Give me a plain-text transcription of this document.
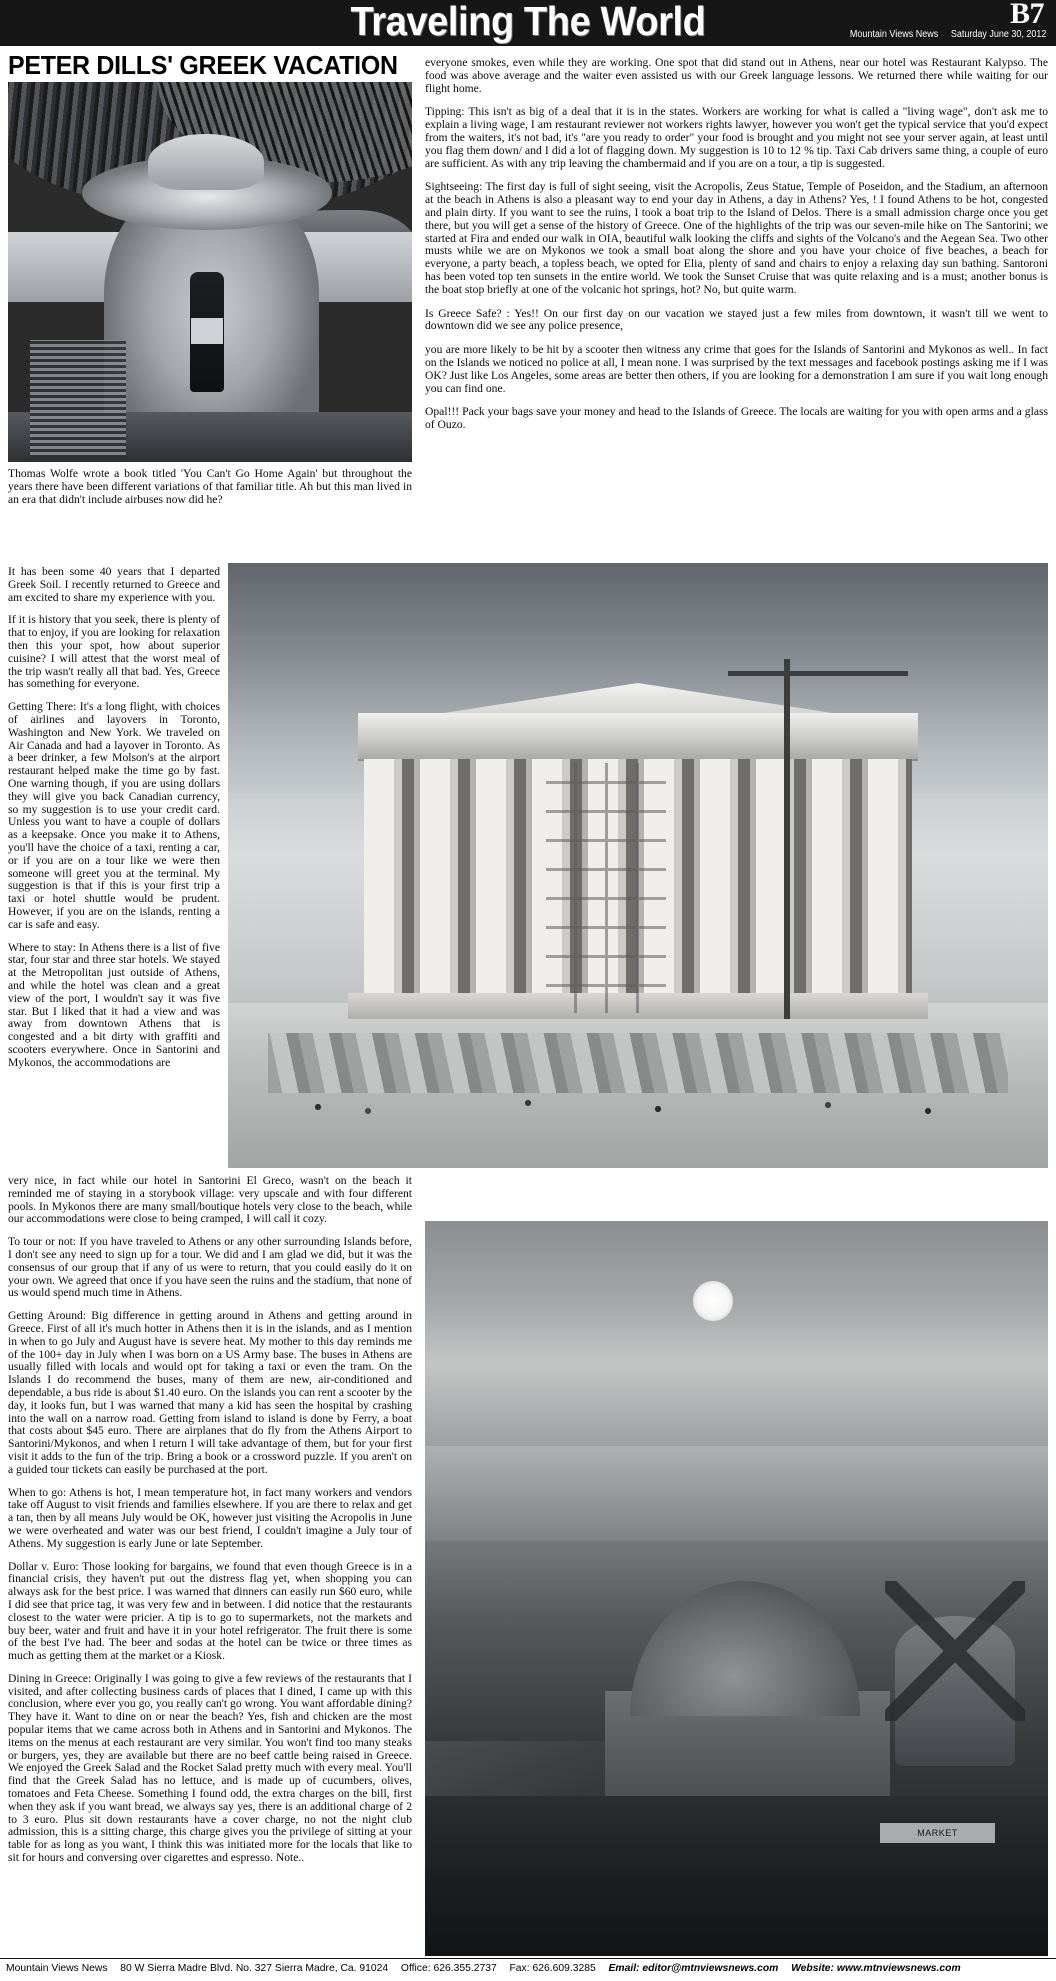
Traveling The World	B7
Mountain Views News Saturday June 30, 2012
PETER DILLS' GREEK VACATION
MARKET

everyone smokes, even while they are working. One spot that did stand out in Athens, near our hotel was Restaurant Kalypso. The food was above average and the waiter even assisted us with our Greek language lessons. We returned there while waiting for our flight home.

Tipping: This isn't as big of a deal that it is in the states. Workers are working for what is called a "living wage", don't ask me to explain a living wage, I am restaurant reviewer not workers rights lawyer, however you won't get the typical service that you'd expect from the waiters, it's not bad, it's "are you ready to order" your food is brought and you might not see your server again, at least until you flag them down/ and I did a lot of flagging down. My suggestion is 10 to 12 % tip. Taxi Cab drivers same thing, a couple of euro are sufficient. As with any trip leaving the chambermaid and if you are on a tour, a tip is suggested.

Sightseeing: The first day is full of sight seeing, visit the Acropolis, Zeus Statue, Temple of Poseidon, and the Stadium, an afternoon at the beach in Athens is also a pleasant way to end your day in Athens, a day in Athens? Yes, ! I found Athens to be hot, congested and plain dirty. If you want to see the ruins, I took a boat trip to the Island of Delos. There is a small admission charge once you get there, but you will get a sense of the history of Greece. One of the highlights of the trip was our seven-mile hike on The Santorini; we started at Fira and ended our walk in OIA, beautiful walk looking the cliffs and sights of the Volcano's and the Aegean Sea. Two other musts while we are on Mykonos we took a small boat along the shore and you have your choice of five beaches, a beach for everyone, a party beach, a topless beach, we opted for Elia, plenty of sand and chairs to enjoy a relaxing day sun bathing. Santoroni has been voted top ten sunsets in the entire world. We took the Sunset Cruise that was quite relaxing and is a must; another bonus is the boat stop briefly at one of the volcanic hot springs, hot? No, but quite warm.

Is Greece Safe? : Yes!! On our first day on our vacation we stayed just a few miles from downtown, it wasn't till we went to downtown did we see any police presence,

you are more likely to be hit by a scooter then witness any crime that goes for the Islands of Santorini and Mykonos as well.. In fact on the Islands we noticed no police at all, I mean none. I was surprised by the text messages and facebook postings asking me if I was OK? Just like Los Angeles, some areas are better then others, if you are looking for a demonstration I am sure if you wait long enough you can find one.

Opal!!! Pack your bags save your money and head to the Islands of Greece. The locals are waiting for you with open arms and a glass of Ouzo.

Thomas Wolfe wrote a book titled 'You Can't Go Home Again' but throughout the years there have been different variations of that familiar title. Ah but this man lived in an era that didn't include airbuses now did he?

It has been some 40 years that I departed Greek Soil. I recently returned to Greece and am excited to share my experience with you.

If it is history that you seek, there is plenty of that to enjoy, if you are looking for relaxation then this your spot, how about superior cuisine? I will attest that the worst meal of the trip wasn't really all that bad. Yes, Greece has something for everyone.

Getting There: It's a long flight, with choices of airlines and layovers in Toronto, Washington and New York. We traveled on Air Canada and had a layover in Toronto. As a beer drinker, a few Molson's at the airport restaurant helped make the time go by fast. One warning though, if you are using dollars they will give you back Canadian currency, so my suggestion is to use your credit card. Unless you want to have a couple of dollars as a keepsake. Once you make it to Athens, you'll have the choice of a taxi, renting a car, or if you are on a tour like we were then someone will greet you at the terminal. My suggestion is that if this is your first trip a taxi or hotel shuttle would be prudent. However, if you are on the islands, renting a car is safe and easy.

Where to stay: In Athens there is a list of five star, four star and three star hotels. We stayed at the Metropolitan just outside of Athens, and while the hotel was clean and a great view of the port, I wouldn't say it was five star. But I liked that it had a view and was away from downtown Athens that is congested and a bit dirty with graffiti and scooters everywhere. Once in Santorini and Mykonos, the accommodations are

very nice, in fact while our hotel in Santorini El Greco, wasn't on the beach it reminded me of staying in a storybook village: very upscale and with four different pools. In Mykonos there are many small/boutique hotels very close to the beach, while our accommodations were close to being cramped, I will call it cozy.

To tour or not: If you have traveled to Athens or any other surrounding Islands before, I don't see any need to sign up for a tour. We did and I am glad we did, but it was the consensus of our group that if any of us were to return, that you could easily do it on your own. We agreed that once if you have seen the ruins and the stadium, that none of us would spend much time in Athens.

Getting Around: Big difference in getting around in Athens and getting around in Greece. First of all it's much hotter in Athens then it is in the islands, and as I mention in when to go July and August have is severe heat. My mother to this day reminds me of the 100+ day in July when I was born on a US Army base. The buses in Athens are usually filled with locals and would opt for taking a taxi or even the tram. On the Islands I do recommend the buses, many of them are new, air-conditioned and dependable, a bus ride is about $1.40 euro. On the islands you can rent a scooter by the day, it looks fun, but I was warned that many a kid has seen the hospital by crashing into the wall on a narrow road. Getting from island to island is done by Ferry, a boat that costs about $45 euro. There are airplanes that do fly from the Athens Airport to Santorini/Mykonos, and when I return I will take advantage of them, but for your first visit it adds to the fun of the trip. Bring a book or a crossword puzzle. If you aren't on a guided tour tickets can easily be purchased at the port.

When to go: Athens is hot, I mean temperature hot, in fact many workers and vendors take off August to visit friends and families elsewhere. If you are there to relax and get a tan, then by all means July would be OK, however just visiting the Acropolis in June we were overheated and water was our best friend, I couldn't imagine a July tour of Athens. My suggestion is early June or late September.

Dollar v. Euro: Those looking for bargains, we found that even though Greece is in a financial crisis, they haven't put out the distress flag yet, when shopping you can always ask for the best price. I was warned that dinners can easily run $60 euro, while I did see that price tag, it was very few and in between. I did notice that the restaurants closest to the water were pricier. A tip is to go to supermarkets, not the markets and buy beer, water and fruit and have it in your hotel refrigerator. The fruit there is some of the best I've had. The beer and sodas at the hotel can be twice or three times as much as getting them at the market or a Kiosk.

Dining in Greece: Originally I was going to give a few reviews of the restaurants that I visited, and after collecting business cards of places that I dined, I came up with this conclusion, where ever you go, you really can't go wrong. You want affordable dining? They have it. Want to dine on or near the beach? Yes, fish and chicken are the most popular items that we came across both in Athens and in Santorini and Mykonos. The items on the menus at each restaurant are very similar. You won't find too many steaks or burgers, yes, they are available but there are no beef cattle being raised in Greece. We enjoyed the Greek Salad and the Rocket Salad pretty much with every meal. You'll find that the Greek Salad has no lettuce, and is made up of cucumbers, olives, tomatoes and Feta Cheese. Something I found odd, the extra charges on the bill, first when they ask if you want bread, we always say yes, there is an additional charge of 2 to 3 euro. Plus sit down restaurants have a cover charge, no not the night club admission, this is a sitting charge, this charge gives you the privilege of sitting at your table for as long as you want, I think this was initiated more for the locals that like to sit for hours and conversing over cigarettes and espresso. Note..

Mountain Views News 80 W Sierra Madre Blvd. No. 327 Sierra Madre, Ca. 91024 Office: 626.355.2737 Fax: 626.609.3285 Email: editor@mtnviewsnews.com Website: www.mtnviewsnews.com
